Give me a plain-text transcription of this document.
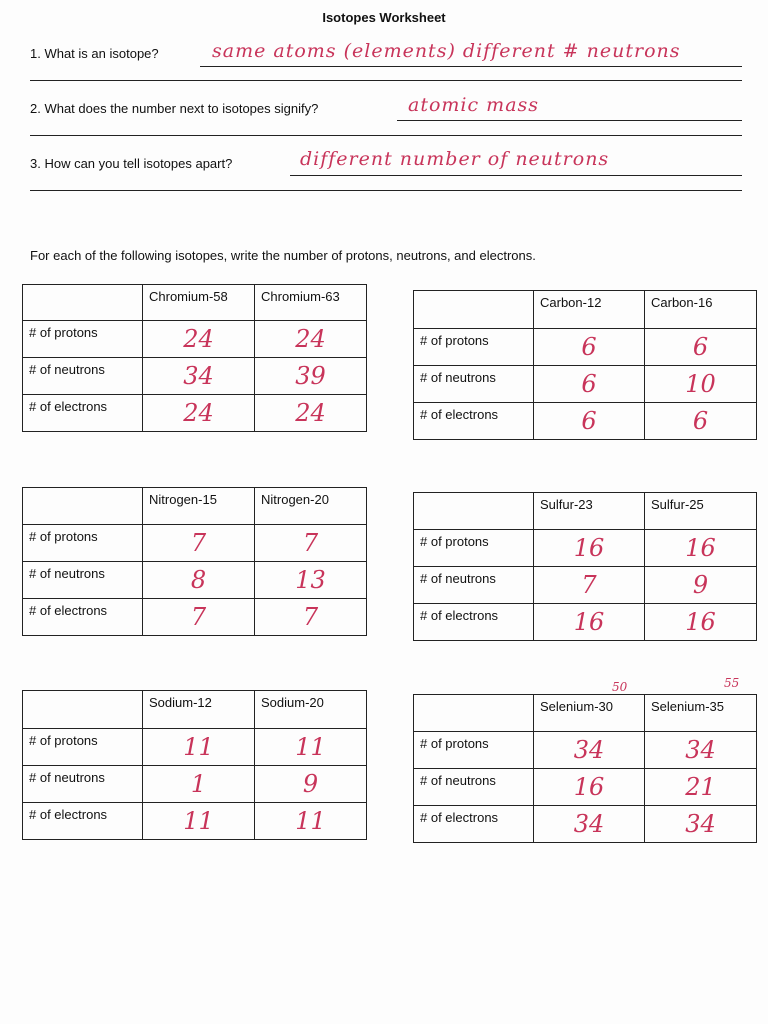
Isotopes Worksheet
1. What is an isotope?	same atoms (elements) different # neutrons
2. What does the number next to isotopes signify?	atomic mass
3. How can you tell isotopes apart?	different number of neutrons
For each of the following isotopes, write the number of protons, neutrons, and electrons.
	Chromium-58	Chromium-63
# of protons	24	24
# of neutrons	34	39
# of electrons	24	24
	Carbon-12	Carbon-16
# of protons	6	6
# of neutrons	6	10
# of electrons	6	6
	Nitrogen-15	Nitrogen-20
# of protons	7	7
# of neutrons	8	13
# of electrons	7	7
	Sulfur-23	Sulfur-25
# of protons	16	16
# of neutrons	7	9
# of electrons	16	16
	Sodium-12	Sodium-20
# of protons	11	11
# of neutrons	1	9
# of electrons	11	11
50	55
	Selenium-30	Selenium-35
# of protons	34	34
# of neutrons	16	21
# of electrons	34	34
